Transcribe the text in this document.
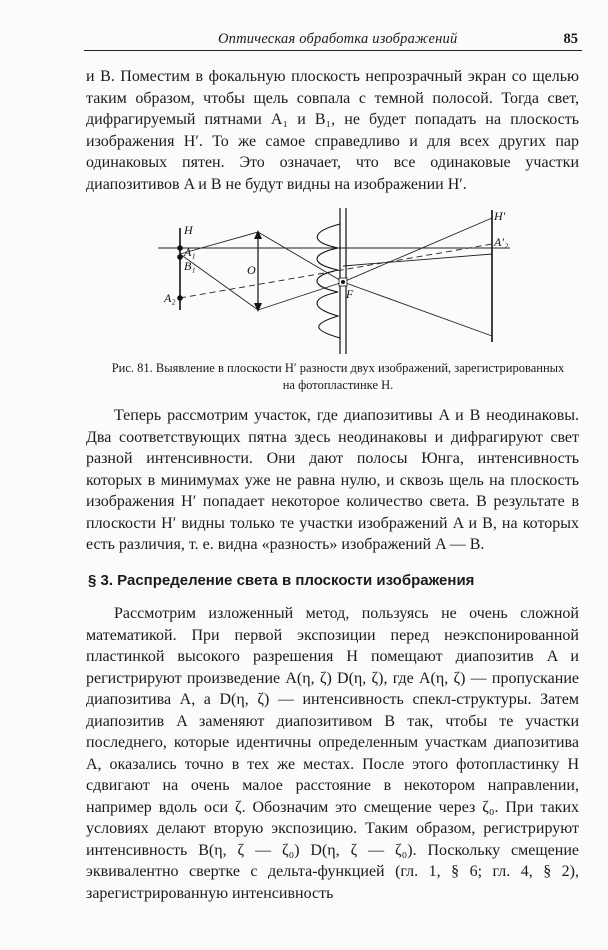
Оптическая обработка изображений	85

и B. Поместим в фокальную плоскость непрозрачный экран со щелью таким образом, чтобы щель совпала с темной полосой. Тогда свет, дифрагируемый пятнами A₁ и B₁, не будет попадать на плоскость изображения H′. То же самое справедливо и для всех других пар одинаковых пятен. Это означает, что все одинаковые участки диапозитивов A и B не будут видны на изображении H′.

H
A₁
B₁
A₂
O
F
H′
A′₂

Рис. 81. Выявление в плоскости H′ разности двух изображений, зарегистрированных на фотопластинке H.

Теперь рассмотрим участок, где диапозитивы A и B неодинаковы. Два соответствующих пятна здесь неодинаковы и дифрагируют свет разной интенсивности. Они дают полосы Юнга, интенсивность которых в минимумах уже не равна нулю, и сквозь щель на плоскость изображения H′ попадает некоторое количество света. В результате в плоскости H′ видны только те участки изображений A и B, на которых есть различия, т. е. видна «разность» изображений A — B.

§ 3. Распределение света в плоскости изображения

Рассмотрим изложенный метод, пользуясь не очень сложной математикой. При первой экспозиции перед неэкспонированной пластинкой высокого разрешения H помещают диапозитив A и регистрируют произведение A(η, ζ) D(η, ζ), где A(η, ζ) — пропускание диапозитива A, а D(η, ζ) — интенсивность спекл-структуры. Затем диапозитив A заменяют диапозитивом B так, чтобы те участки последнего, которые идентичны определенным участкам диапозитива A, оказались точно в тех же местах. После этого фотопластинку H сдвигают на очень малое расстояние в некотором направлении, например вдоль оси ζ. Обозначим это смещение через ζ₀. При таких условиях делают вторую экспозицию. Таким образом, регистрируют интенсивность B(η, ζ — ζ₀) D(η, ζ — ζ₀). Поскольку смещение эквивалентно свертке с дельта-функцией (гл. 1, § 6; гл. 4, § 2), зарегистрированную интенсивность
